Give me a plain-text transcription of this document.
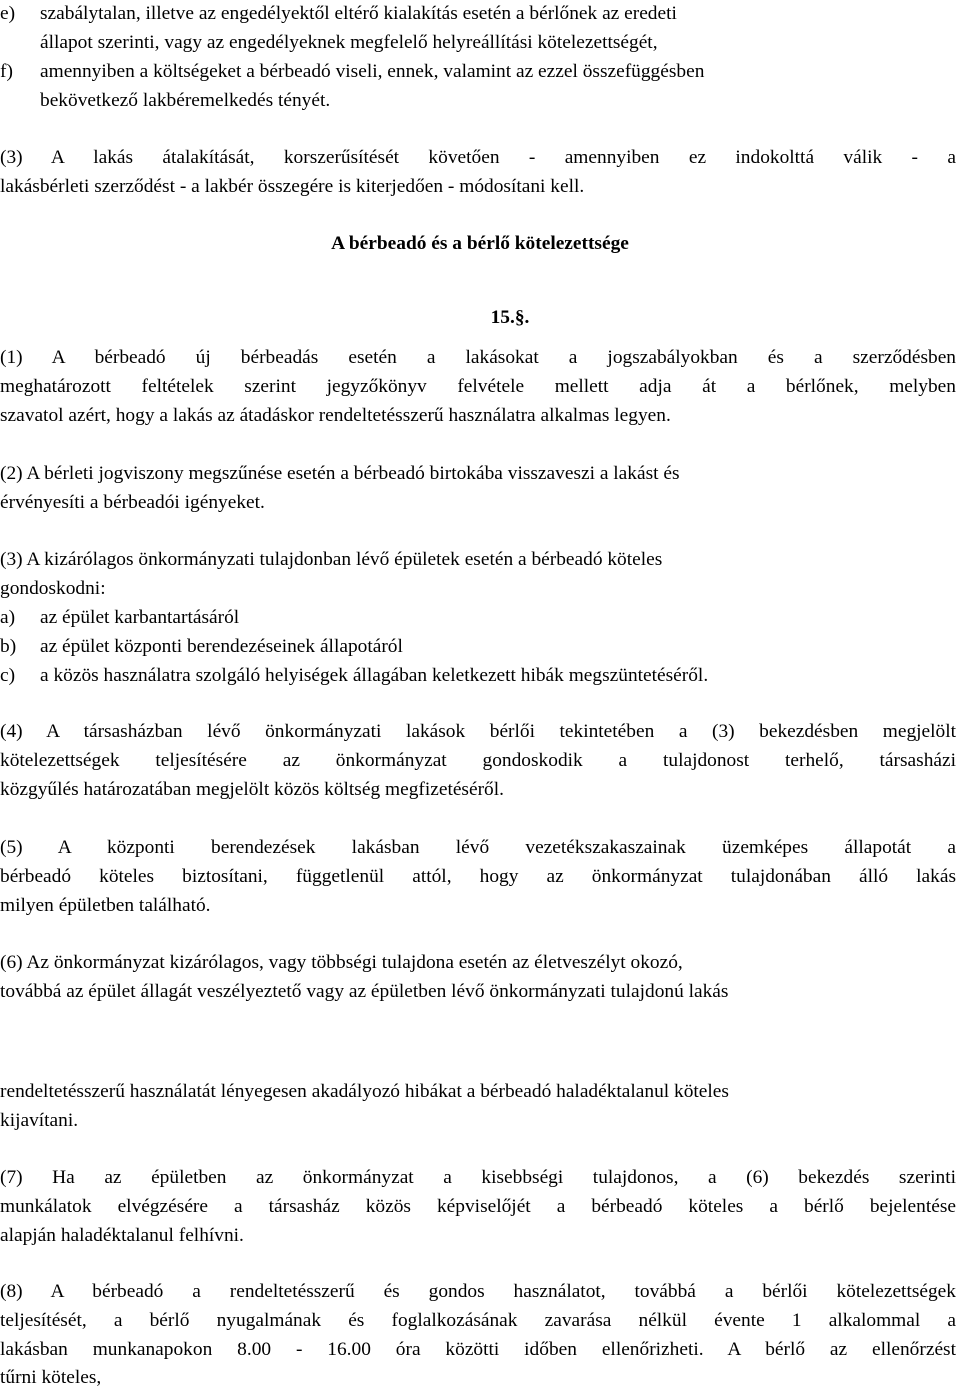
e) szabálytalan, illetve az engedélyektől eltérő kialakítás esetén a bérlőnek az eredeti
állapot szerinti, vagy az engedélyeknek megfelelő helyreállítási kötelezettségét,
f) amennyiben a költségeket a bérbeadó viseli, ennek, valamint az ezzel összefüggésben
bekövetkező lakbéremelkedés tényét.
(3) A lakás átalakítását, korszerűsítését követően - amennyiben ez indokolttá válik - a
lakásbérleti szerződést - a lakbér összegére is kiterjedően - módosítani kell.
A bérbeadó és a bérlő kötelezettsége
15.§.
(1) A bérbeadó új bérbeadás esetén a lakásokat a jogszabályokban és a szerződésben
meghatározott feltételek szerint jegyzőkönyv felvétele mellett adja át a bérlőnek, melyben
szavatol azért, hogy a lakás az átadáskor rendeltetésszerű használatra alkalmas legyen.
(2) A bérleti jogviszony megszűnése esetén a bérbeadó birtokába visszaveszi a lakást és
érvényesíti a bérbeadói igényeket.
(3) A kizárólagos önkormányzati tulajdonban lévő épületek esetén a bérbeadó köteles
gondoskodni:
a) az épület karbantartásáról
b) az épület központi berendezéseinek állapotáról
c) a közös használatra szolgáló helyiségek állagában keletkezett hibák megszüntetéséről.
(4) A társasházban lévő önkormányzati lakások bérlői tekintetében a (3) bekezdésben megjelölt
kötelezettségek teljesítésére az önkormányzat gondoskodik a tulajdonost terhelő, társasházi
közgyűlés határozatában megjelölt közös költség megfizetéséről.
(5) A központi berendezések lakásban lévő vezetékszakaszainak üzemképes állapotát a
bérbeadó köteles biztosítani, függetlenül attól, hogy az önkormányzat tulajdonában álló lakás
milyen épületben található.
(6) Az önkormányzat kizárólagos, vagy többségi tulajdona esetén az életveszélyt okozó,
továbbá az épület állagát veszélyeztető vagy az épületben lévő önkormányzati tulajdonú lakás
rendeltetésszerű használatát lényegesen akadályozó hibákat a bérbeadó haladéktalanul köteles
kijavítani.
(7) Ha az épületben az önkormányzat a kisebbségi tulajdonos, a (6) bekezdés szerinti
munkálatok elvégzésére a társasház közös képviselőjét a bérbeadó köteles a bérlő bejelentése
alapján haladéktalanul felhívni.
(8) A bérbeadó a rendeltetésszerű és gondos használatot, továbbá a bérlői kötelezettségek
teljesítését, a bérlő nyugalmának és foglalkozásának zavarása nélkül évente 1 alkalommal a
lakásban munkanapokon 8.00 - 16.00 óra közötti időben ellenőrizheti. A bérlő az ellenőrzést
tűrni köteles,
